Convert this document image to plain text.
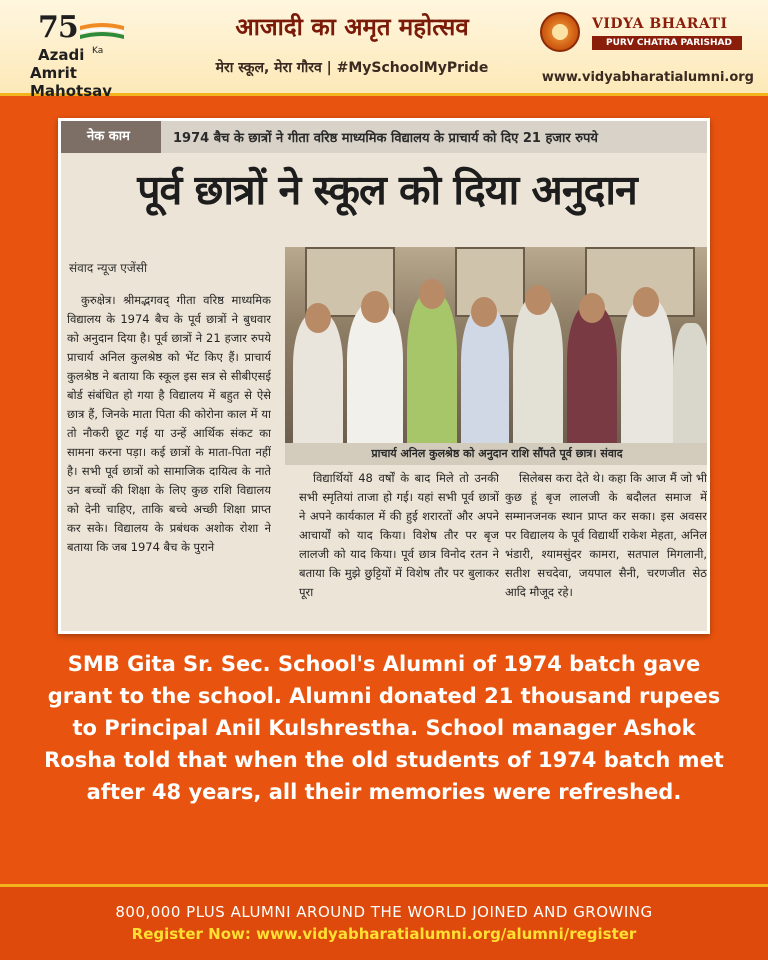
75
Azadi Ka
Amrit Mahotsav
आजादी का अमृत महोत्सव
मेरा स्कूल, मेरा गौरव | #MySchoolMyPride
VIDYA BHARATI
PURV CHATRA PARISHAD
www.vidyabharatialumni.org
नेक काम	1974 बैच के छात्रों ने गीता वरिष्ठ माध्यमिक विद्यालय के प्राचार्य को दिए 21 हजार रुपये
पूर्व छात्रों ने स्कूल को दिया अनुदान
संवाद न्यूज एजेंसी

कुरुक्षेत्र। श्रीमद्भगवद् गीता वरिष्ठ माध्यमिक विद्यालय के 1974 बैच के पूर्व छात्रों ने बुधवार को अनुदान दिया है। पूर्व छात्रों ने 21 हजार रुपये प्राचार्य अनिल कुलश्रेष्ठ को भेंट किए हैं। प्राचार्य कुलश्रेष्ठ ने बताया कि स्कूल इस सत्र से सीबीएसई बोर्ड संबंधित हो गया है विद्यालय में बहुत से ऐसे छात्र हैं, जिनके माता पिता की कोरोना काल में या तो नौकरी छूट गई या उन्हें आर्थिक संकट का सामना करना पड़ा। कई छात्रों के माता-पिता नहीं है। सभी पूर्व छात्रों को सामाजिक दायित्व के नाते उन बच्चों की शिक्षा के लिए कुछ राशि विद्यालय को देनी चाहिए, ताकि बच्चे अच्छी शिक्षा प्राप्त कर सके। विद्यालय के प्रबंधक अशोक रोशा ने बताया कि जब 1974 बैच के पुराने

प्राचार्य अनिल कुलश्रेष्ठ को अनुदान राशि सौंपते पूर्व छात्र। संवाद

विद्यार्थियों 48 वर्षों के बाद मिले तो उनकी सभी स्मृतियां ताजा हो गई। यहां सभी पूर्व छात्रों ने अपने कार्यकाल में की हुई शरारतों और अपने आचार्यों को याद किया। विशेष तौर पर बृज लालजी को याद किया। पूर्व छात्र विनोद रतन ने बताया कि मुझे छुट्टियों में विशेष तौर पर बुलाकर पूरा

सिलेबस करा देते थे। कहा कि आज मैं जो भी कुछ हूं बृज लालजी के बदौलत समाज में सम्मानजनक स्थान प्राप्त कर सका। इस अवसर पर विद्यालय के पूर्व विद्यार्थी राकेश मेहता, अनिल भंडारी, श्यामसुंदर कामरा, सतपाल मिगलानी, सतीश सचदेवा, जयपाल सैनी, चरणजीत सेठ आदि मौजूद रहे।

SMB Gita Sr. Sec. School's Alumni of 1974 batch gave grant to the school. Alumni donated 21 thousand rupees to Principal Anil Kulshrestha. School manager Ashok Rosha told that when the old students of 1974 batch met after 48 years, all their memories were refreshed.
800,000 PLUS ALUMNI AROUND THE WORLD JOINED AND GROWING
Register Now: www.vidyabharatialumni.org/alumni/register
